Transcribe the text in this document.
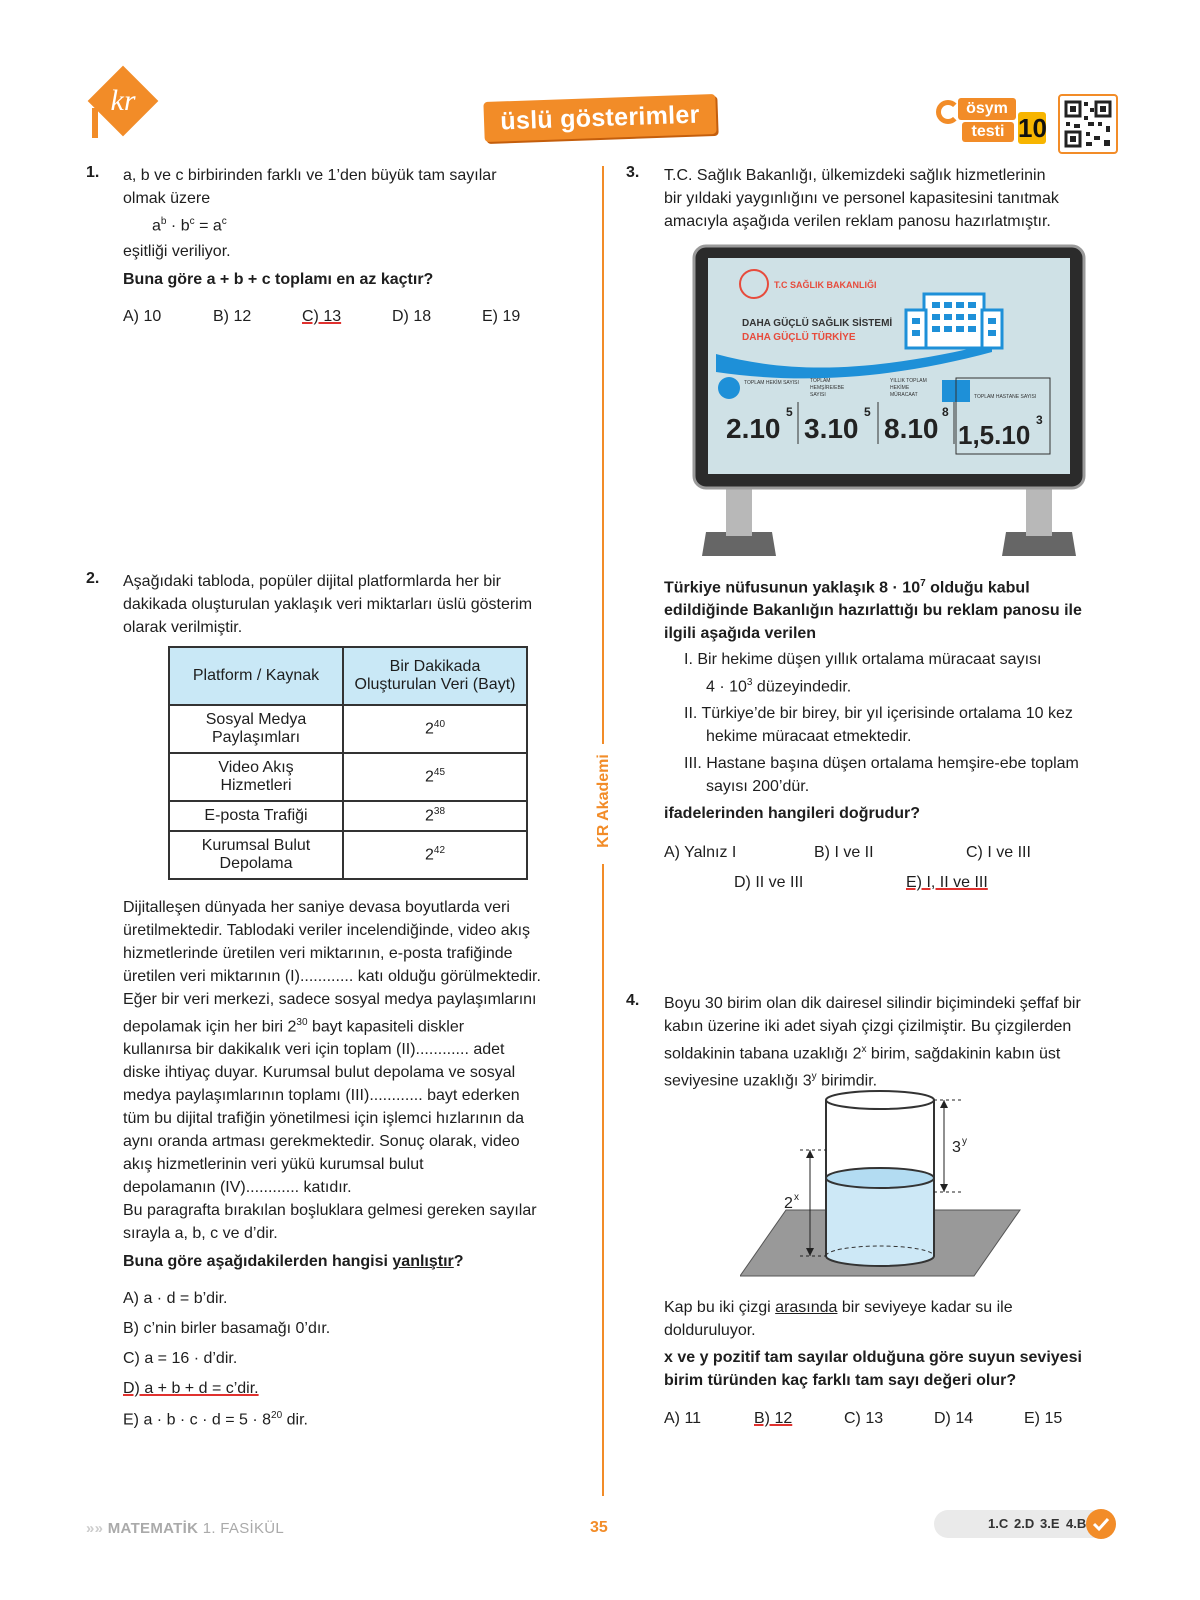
kr
üslü gösterimler	ösym
testi 10
KR Akademi
1. a, b ve c birbirinden farklı ve 1’den büyük tam sayılar
olmak üzere
$a^b \cdot b^c = a^c$
eşitliği veriliyor.
Buna göre a + b + c toplamı en az kaçtır?
A) 10	B) 12	C) 13	D) 18	E) 19
2. Aşağıdaki tabloda, popüler dijital platformlarda her bir
dakikada oluşturulan yaklaşık veri miktarları üslü gösterim
olarak verilmiştir.
Platform / Kaynak	Bir Dakikada
Oluşturulan Veri (Bayt)

Sosyal Medya
Paylaşımları	$2^{40}$

Video Akış
Hizmetleri	$2^{45}$
E-posta Trafiği	$2^{38}$

Kurumsal Bulut
Depolama	$2^{42}$
Dijitalleşen dünyada her saniye devasa boyutlarda veri
üretilmektedir. Tablodaki veriler incelendiğinde, video akış
hizmetlerinde üretilen veri miktarının, e-posta trafiğinde
üretilen veri miktarının (I)............ katı olduğu görülmektedir.
Eğer bir veri merkezi, sadece sosyal medya paylaşımlarını
depolamak için her biri $2^{30}$ bayt kapasiteli diskler
kullanırsa bir dakikalık veri için toplam (II)............ adet
diske ihtiyaç duyar. Kurumsal bulut depolama ve sosyal
medya paylaşımlarının toplamı (III)............ bayt ederken
tüm bu dijital trafiğin yönetilmesi için işlemci hızlarının da
aynı oranda artması gerekmektedir. Sonuç olarak, video
akış hizmetlerinin veri yükü kurumsal bulut
depolamanın (IV)............ katıdır.
Bu paragrafta bırakılan boşluklara gelmesi gereken sayılar
sırayla a, b, c ve d’dir.
Buna göre aşağıdakilerden hangisi yanlıştır?
A) a · d = b’dir.
B) c’nin birler basamağı 0’dır.
C) a = 16 · d’dir.
D) a + b + d = c’dir.
E) $a \cdot b \cdot c \cdot d = 5 \cdot 8^{20}$ dir.
3. T.C. Sağlık Bakanlığı, ülkemizdeki sağlık hizmetlerinin
bir yıldaki yaygınlığını ve personel kapasitesini tanıtmak
amacıyla aşağıda verilen reklam panosu hazırlatmıştır.
T.C SAĞLIK BAKANLIĞI
DAHA GÜÇLÜ SAĞLIK SİSTEMİ
DAHA GÜÇLÜ TÜRKİYE
TOPLAM HEKİM SAYISI TOPLAM
HEMŞİRE/EBE
SAYISI
YILLIK TOPLAM
HEKİME
MÜRACAAT	TOPLAM HASTANE SAYISI
2.10
5
3.10
5
8.10
8
1,5.10 3
Türkiye nüfusunun yaklaşık $8 \cdot 10^7$ olduğu kabul
edildiğinde Bakanlığın hazırlattığı bu reklam panosu ile
ilgili aşağıda verilen
I. Bir hekime düşen yıllık ortalama müracaat sayısı
$4 \cdot 10^3$ düzeyindedir.
II. Türkiye’de bir birey, bir yıl içerisinde ortalama 10 kez
hekime müracaat etmektedir.
III. Hastane başına düşen ortalama hemşire-ebe toplam
sayısı 200’dür.
ifadelerinden hangileri doğrudur?
A) Yalnız I	B) I ve II	C) I ve III
D) II ve III	E) I, II ve III
4. Boyu 30 birim olan dik dairesel silindir biçimindeki şeffaf bir
kabın üzerine iki adet siyah çizgi çizilmiştir. Bu çizgilerden
soldakinin tabana uzaklığı 2$^x$ birim, sağdakinin kabın üst
seviyesine uzaklığı 3$^y$ birimdir.
2 x
3 y
Kap bu iki çizgi arasında bir seviyeye kadar su ile
dolduruluyor.
x ve y pozitif tam sayılar olduğuna göre suyun seviyesi
birim türünden kaç farklı tam sayı değeri olur?
A) 11	B) 12	C) 13	D) 14	E) 15
»» MATEMATİK 1. FASİKÜL	35	1.C 2.D 3.E 4.B
